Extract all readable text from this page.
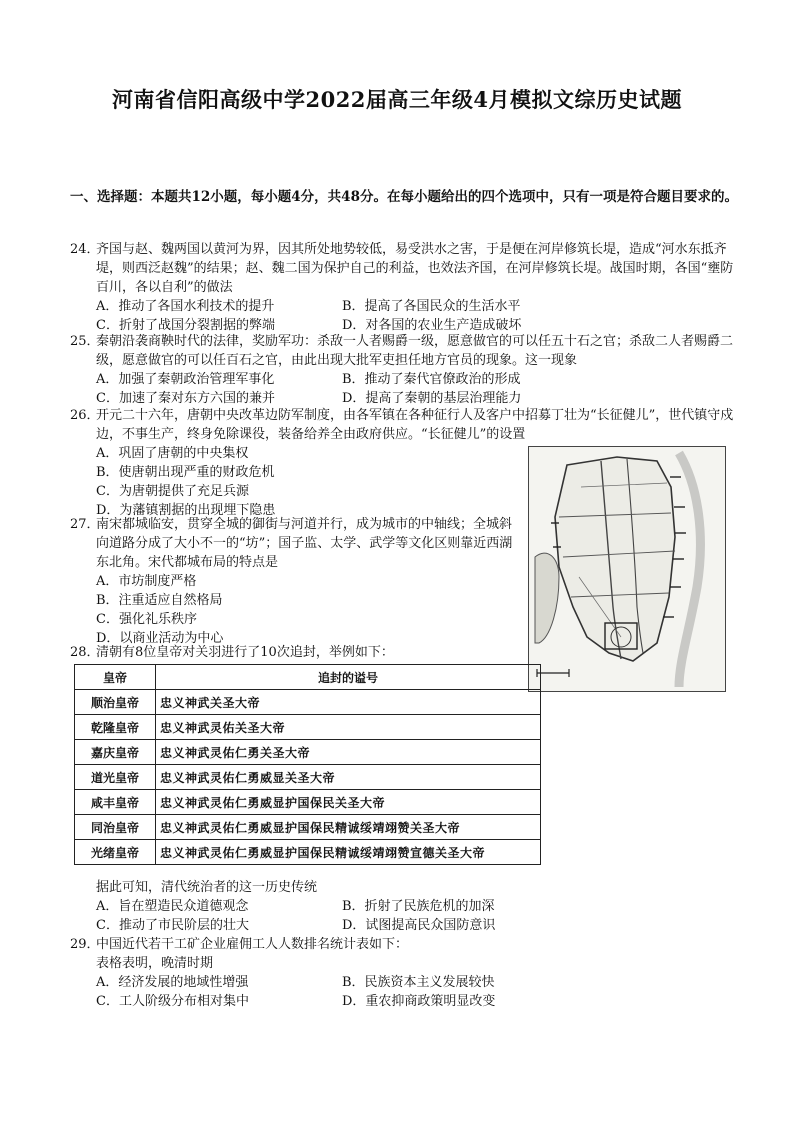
河南省信阳高级中学2022届高三年级4月模拟文综历史试题
一、选择题：本题共12小题，每小题4分，共48分。在每小题给出的四个选项中，只有一项是符合题目要求的。
24．
齐国与赵、魏两国以黄河为界，因其所处地势较低，易受洪水之害，于是便在河岸修筑长堤，造成“河水东抵齐堤，则西泛赵魏”的结果；赵、魏二国为保护自己的利益，也效法齐国，在河岸修筑长堤。战国时期，各国“壅防百川，各以自利”的做法
A．推动了各国水利技术的提升	B．提高了各国民众的生活水平
C．折射了战国分裂割据的弊端	D．对各国的农业生产造成破坏
25．
秦朝沿袭商鞅时代的法律，奖励军功：杀敌一人者赐爵一级，愿意做官的可以任五十石之官；杀敌二人者赐爵二级，愿意做官的可以任百石之官，由此出现大批军吏担任地方官员的现象。这一现象
A．加强了秦朝政治管理军事化	B．推动了秦代官僚政治的形成
C．加速了秦对东方六国的兼并	D．提高了秦朝的基层治理能力
26．
开元二十六年，唐朝中央改革边防军制度，由各军镇在各种征行人及客户中招募丁壮为“长征健儿”，世代镇守戍边，不事生产，终身免除课役，装备给养全由政府供应。“长征健儿”的设置
A．巩固了唐朝的中央集权
B．使唐朝出现严重的财政危机
C．为唐朝提供了充足兵源
D．为藩镇割据的出现埋下隐患
27．
南宋都城临安，贯穿全城的御街与河道并行，成为城市的中轴线；全城斜向道路分成了大小不一的“坊”；国子监、太学、武学等文化区则靠近西湖东北角。宋代都城布局的特点是
A．市坊制度严格
B．注重适应自然格局
C．强化礼乐秩序
D．以商业活动为中心
28．
清朝有8位皇帝对关羽进行了10次追封，举例如下：
皇帝	追封的谥号
顺治皇帝	忠义神武关圣大帝
乾隆皇帝	忠义神武灵佑关圣大帝
嘉庆皇帝	忠义神武灵佑仁勇关圣大帝
道光皇帝	忠义神武灵佑仁勇威显关圣大帝
咸丰皇帝	忠义神武灵佑仁勇威显护国保民关圣大帝
同治皇帝	忠义神武灵佑仁勇威显护国保民精诚绥靖翊赞关圣大帝
光绪皇帝	忠义神武灵佑仁勇威显护国保民精诚绥靖翊赞宣德关圣大帝
据此可知，清代统治者的这一历史传统
A．旨在塑造民众道德观念	B．折射了民族危机的加深
C．推动了市民阶层的壮大	D．试图提高民众国防意识
29．
中国近代若干工矿企业雇佣工人人数排名统计表如下：
表格表明，晚清时期
A．经济发展的地域性增强	B．民族资本主义发展较快
C．工人阶级分布相对集中	D．重农抑商政策明显改变
